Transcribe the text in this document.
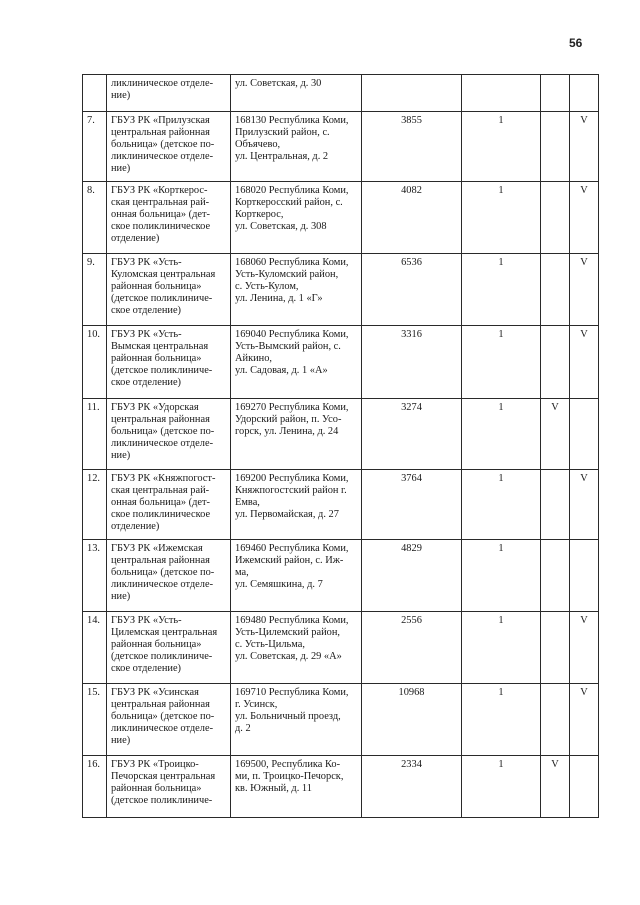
56

	ликлиническое отделе-
ние)	ул. Советская, д. 30				

7.	ГБУЗ РК «Прилузская
центральная районная
больница» (детское по-
ликлиническое отделе-
ние)	168130 Республика Коми,
Прилузский район, с.
Объячево,
ул. Центральная, д. 2	3855	1		V
8.	ГБУЗ РК «Корткерос-
ская центральная рай-
онная больница» (дет-
ское поликлиническое
отделение)	168020 Республика Коми,
Корткеросский район, с.
Корткерос,
ул. Советская, д. 308	4082	1		V
9.	ГБУЗ РК «Усть-
Куломская центральная
районная больница»
(детское поликлиниче-
ское отделение)	168060 Республика Коми,
Усть-Куломский район,
с. Усть-Кулом,
ул. Ленина, д. 1 «Г»	6536	1		V
10.	ГБУЗ РК «Усть-
Вымская центральная
районная больница»
(детское поликлиниче-
ское отделение)	169040 Республика Коми,
Усть-Вымский район, с.
Айкино,
ул. Садовая, д. 1 «А»	3316	1		V
11.	ГБУЗ РК «Удорская
центральная районная
больница» (детское по-
ликлиническое отделе-
ние)	169270 Республика Коми,
Удорский район, п. Усо-
горск, ул. Ленина, д. 24	3274	1	V	
12.	ГБУЗ РК «Княжпогост-
ская центральная рай-
онная больница» (дет-
ское поликлиническое
отделение)	169200 Республика Коми,
Княжпогостский район г.
Емва,
ул. Первомайская, д. 27	3764	1		V
13.	ГБУЗ РК «Ижемская
центральная районная
больница» (детское по-
ликлиническое отделе-
ние)	169460 Республика Коми,
Ижемский район, с. Иж-
ма,
ул. Семяшкина, д. 7	4829	1		
14.	ГБУЗ РК «Усть-
Цилемская центральная
районная больница»
(детское поликлиниче-
ское отделение)	169480 Республика Коми,
Усть-Цилемский район,
с. Усть-Цильма,
ул. Советская, д. 29 «А»	2556	1		V
15.	ГБУЗ РК «Усинская
центральная районная
больница» (детское по-
ликлиническое отделе-
ние)	169710 Республика Коми,
г. Усинск,
ул. Больничный проезд,
д. 2	10968	1		V
16.	ГБУЗ РК «Троицко-
Печорская центральная
районная больница»
(детское поликлиниче-	169500, Республика Ко-
ми, п. Троицко-Печорск,
кв. Южный, д. 11	2334	1	V	
